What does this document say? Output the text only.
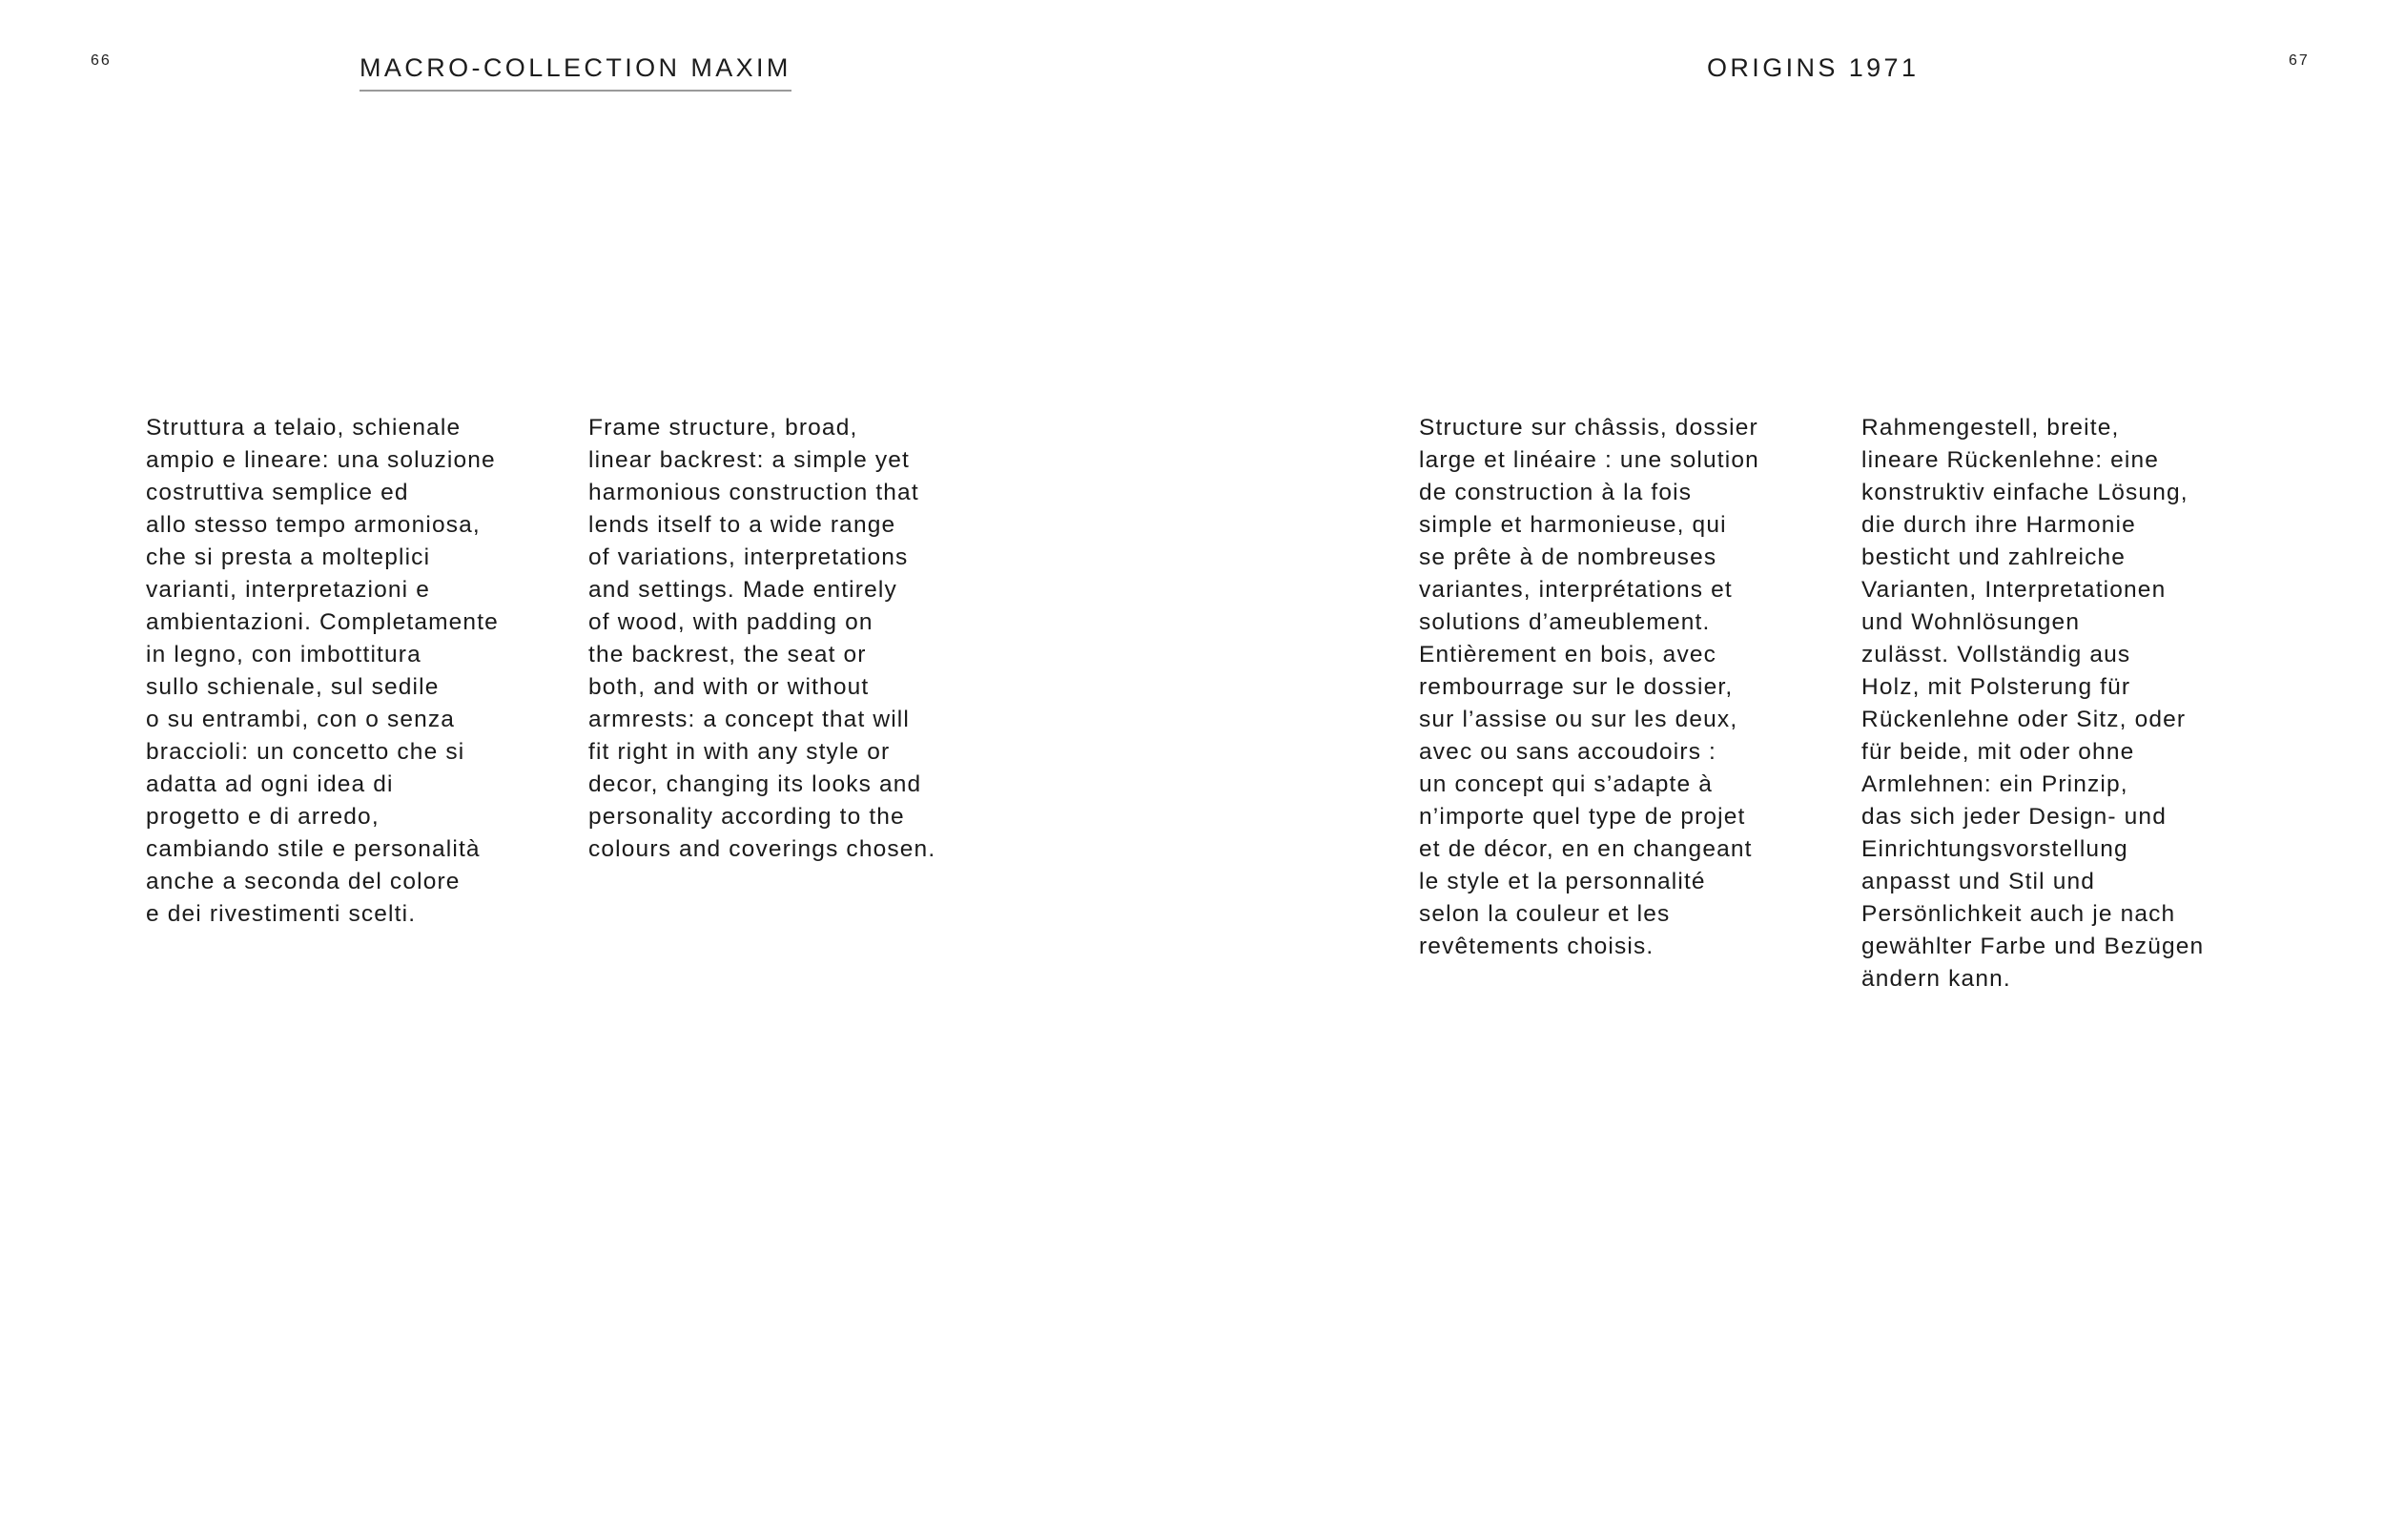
66	MACRO-COLLECTION MAXIM	ORIGINS 1971	67
Struttura a telaio, schienale
ampio e lineare: una soluzione
costruttiva semplice ed
allo stesso tempo armoniosa,
che si presta a molteplici
varianti, interpretazioni e
ambientazioni. Completamente
in legno, con imbottitura
sullo schienale, sul sedile
o su entrambi, con o senza
braccioli: un concetto che si
adatta ad ogni idea di
progetto e di arredo,
cambiando stile e personalità
anche a seconda del colore
e dei rivestimenti scelti.
Frame structure, broad,
linear backrest: a simple yet
harmonious construction that
lends itself to a wide range
of variations, interpretations
and settings. Made entirely
of wood, with padding on
the backrest, the seat or
both, and with or without
armrests: a concept that will
fit right in with any style or
decor, changing its looks and
personality according to the
colours and coverings chosen.
Structure sur châssis, dossier
large et linéaire : une solution
de construction à la fois
simple et harmonieuse, qui
se prête à de nombreuses
variantes, interprétations et
solutions d’ameublement.
Entièrement en bois, avec
rembourrage sur le dossier,
sur l’assise ou sur les deux,
avec ou sans accoudoirs :
un concept qui s’adapte à
n’importe quel type de projet
et de décor, en en changeant
le style et la personnalité
selon la couleur et les
revêtements choisis.
Rahmengestell, breite,
lineare Rückenlehne: eine
konstruktiv einfache Lösung,
die durch ihre Harmonie
besticht und zahlreiche
Varianten, Interpretationen
und Wohnlösungen
zulässt. Vollständig aus
Holz, mit Polsterung für
Rückenlehne oder Sitz, oder
für beide, mit oder ohne
Armlehnen: ein Prinzip,
das sich jeder Design- und
Einrichtungsvorstellung
anpasst und Stil und
Persönlichkeit auch je nach
gewählter Farbe und Bezügen
ändern kann.
